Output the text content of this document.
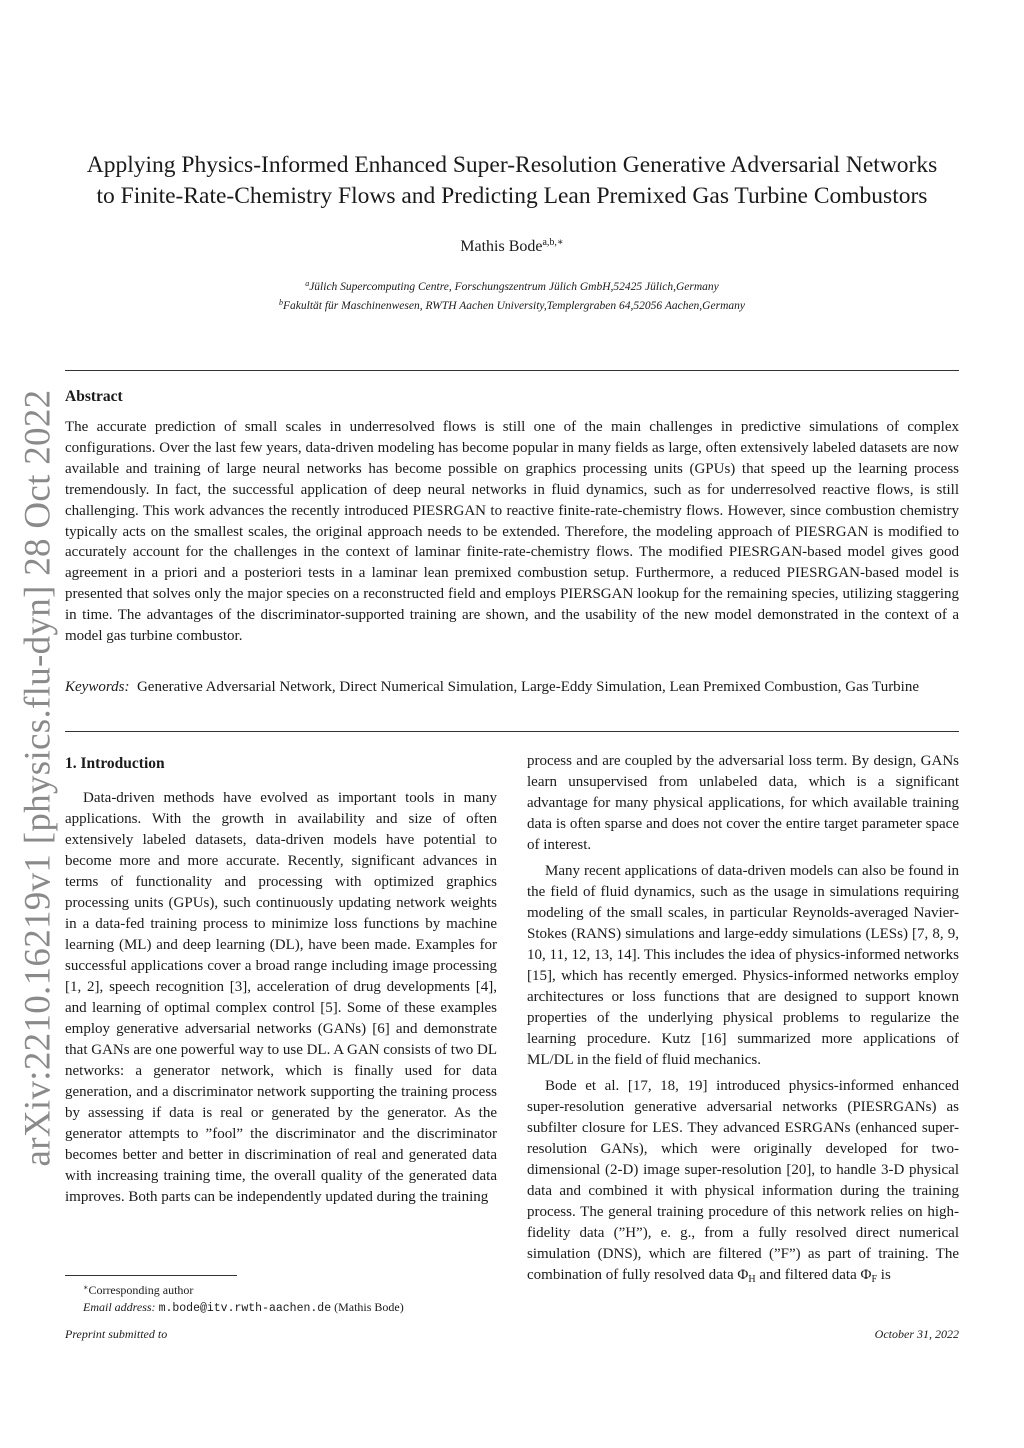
arXiv:2210.16219v1 [physics.flu-dyn] 28 Oct 2022
Applying Physics-Informed Enhanced Super-Resolution Generative Adversarial Networks
to Finite-Rate-Chemistry Flows and Predicting Lean Premixed Gas Turbine Combustors
Mathis Bode$^{a,b,∗}$
$^a$Jülich Supercomputing Centre, Forschungszentrum Jülich GmbH,52425 Jülich,Germany
$^b$Fakultät für Maschinenwesen, RWTH Aachen University,Templergraben 64,52056 Aachen,Germany
Abstract

The accurate prediction of small scales in underresolved flows is still one of the main challenges in predictive simulations of complex configurations. Over the last few years, data-driven modeling has become popular in many fields as large, often extensively labeled datasets are now available and training of large neural networks has become possible on graphics processing units (GPUs) that speed up the learning process tremendously. In fact, the successful application of deep neural networks in fluid dynamics, such as for underresolved reactive flows, is still challenging. This work advances the recently introduced PIESRGAN to reactive finite-rate-chemistry flows. However, since combustion chemistry typically acts on the smallest scales, the original approach needs to be extended. Therefore, the modeling approach of PIESRGAN is modified to accurately account for the challenges in the context of laminar finite-rate-chemistry flows. The modified PIESRGAN-based model gives good agreement in a priori and a posteriori tests in a laminar lean premixed combustion setup. Furthermore, a reduced PIESRGAN-based model is presented that solves only the major species on a reconstructed field and employs PIERSGAN lookup for the remaining species, utilizing staggering in time. The advantages of the discriminator-supported training are shown, and the usability of the new model demonstrated in the context of a model gas turbine combustor.

Keywords: Generative Adversarial Network, Direct Numerical Simulation, Large-Eddy Simulation, Lean Premixed Combustion, Gas Turbine

1. Introduction

Data-driven methods have evolved as important tools in many applications. With the growth in availability and size of often extensively labeled datasets, data-driven models have potential to become more and more accurate. Recently, significant advances in terms of functionality and processing with optimized graphics processing units (GPUs), such continuously updating network weights in a data-fed training process to minimize loss functions by machine learning (ML) and deep learning (DL), have been made. Examples for successful applications cover a broad range including image processing [1, 2], speech recognition [3], acceleration of drug developments [4], and learning of optimal complex control [5]. Some of these examples employ generative adversarial networks (GANs) [6] and demonstrate that GANs are one powerful way to use DL. A GAN consists of two DL networks: a generator network, which is finally used for data generation, and a discriminator network supporting the training process by assessing if data is real or generated by the generator. As the generator attempts to ”fool” the discriminator and the discriminator becomes better and better in discrimination of real and generated data with increasing training time, the overall quality of the generated data improves. Both parts can be independently updated during the training

process and are coupled by the adversarial loss term. By design, GANs learn unsupervised from unlabeled data, which is a significant advantage for many physical applications, for which available training data is often sparse and does not cover the entire target parameter space of interest.

Many recent applications of data-driven models can also be found in the field of fluid dynamics, such as the usage in simulations requiring modeling of the small scales, in particular Reynolds-averaged Navier-Stokes (RANS) simulations and large-eddy simulations (LESs) [7, 8, 9, 10, 11, 12, 13, 14]. This includes the idea of physics-informed networks [15], which has recently emerged. Physics-informed networks employ architectures or loss functions that are designed to support known properties of the underlying physical problems to regularize the learning procedure. Kutz [16] summarized more applications of ML/DL in the field of fluid mechanics.

Bode et al. [17, 18, 19] introduced physics-informed enhanced super-resolution generative adversarial networks (PIESRGANs) as subfilter closure for LES. They advanced ESRGANs (enhanced super-resolution GANs), which were originally developed for two-dimensional (2-D) image super-resolution [20], to handle 3-D physical data and combined it with physical information during the training process. The general training procedure of this network relies on high-fidelity data (”H”), e. g., from a fully resolved direct numerical simulation (DNS), which are filtered (”F”) as part of training. The combination of fully resolved data $\Phi_H$ and filtered data $\Phi_F$ is

∗Corresponding author
Email address: m.bode@itv.rwth-aachen.de (Mathis Bode)
Preprint submitted to	October 31, 2022
